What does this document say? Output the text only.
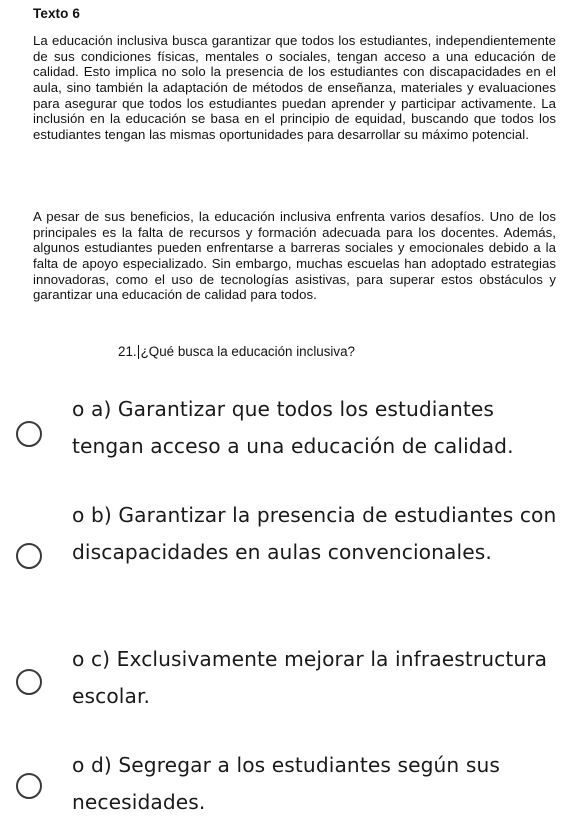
Texto 6

La educación inclusiva busca garantizar que todos los estudiantes, independientemente de sus condiciones físicas, mentales o sociales, tengan acceso a una educación de calidad. Esto implica no solo la presencia de los estudiantes con discapacidades en el aula, sino también la adaptación de métodos de enseñanza, materiales y evaluaciones para asegurar que todos los estudiantes puedan aprender y participar activamente. La inclusión en la educación se basa en el principio de equidad, buscando que todos los estudiantes tengan las mismas oportunidades para desarrollar su máximo potencial.

A pesar de sus beneficios, la educación inclusiva enfrenta varios desafíos. Uno de los principales es la falta de recursos y formación adecuada para los docentes. Además, algunos estudiantes pueden enfrentarse a barreras sociales y emocionales debido a la falta de apoyo especializado. Sin embargo, muchas escuelas han adoptado estrategias innovadoras, como el uso de tecnologías asistivas, para superar estos obstáculos y garantizar una educación de calidad para todos.

21. ¿Qué busca la educación inclusiva?

o a) Garantizar que todos los estudiantes tengan acceso a una educación de calidad.

o b) Garantizar la presencia de estudiantes con discapacidades en aulas convencionales.

o c) Exclusivamente mejorar la infraestructura escolar.

o d) Segregar a los estudiantes según sus necesidades.
